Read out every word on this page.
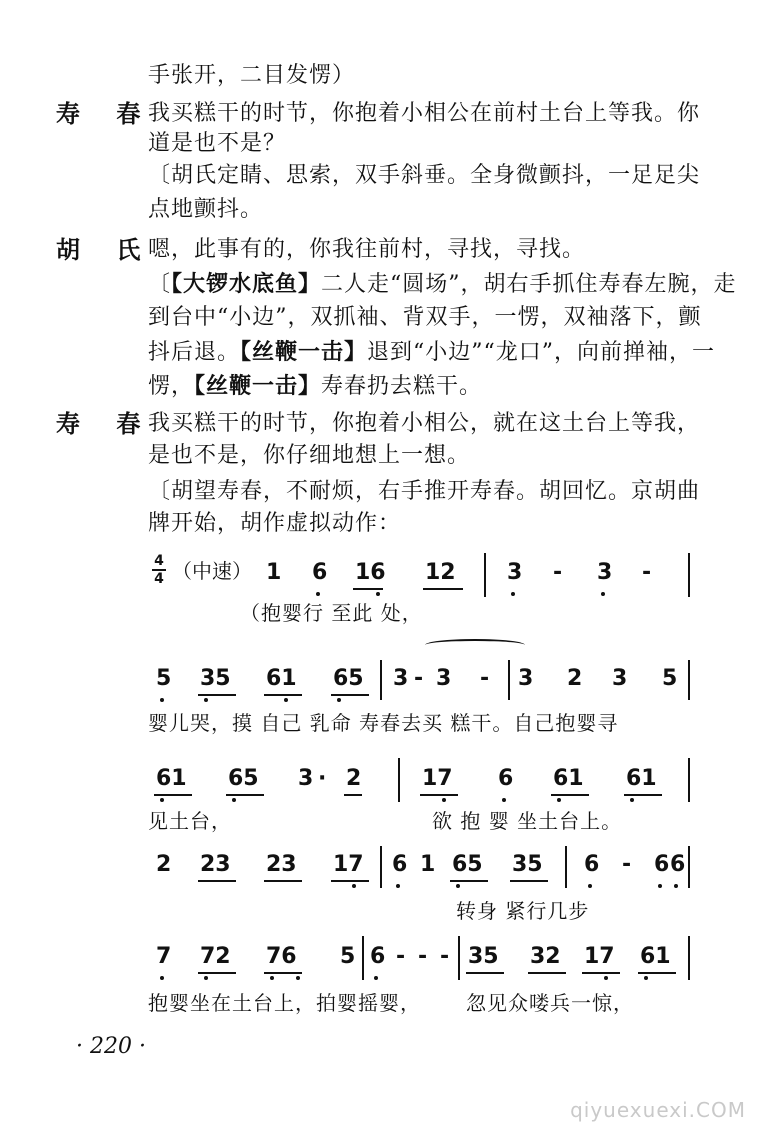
手张开，二目发愣）
寿 春
我买糕干的时节，你抱着小相公在前村土台上等我。你
道是也不是？
〔胡氏定睛、思索，双手斜垂。全身微颤抖，一足足尖
点地颤抖。
胡 氏
嗯，此事有的，你我往前村，寻找，寻找。
〔【大锣水底鱼】二人走“圆场”，胡右手抓住寿春左腕，走
到台中“小边”，双抓袖、背双手，一愣，双袖落下，颤
抖后退。【丝鞭一击】退到“小边”“龙口”，向前掸袖，一
愣，【丝鞭一击】寿春扔去糕干。
寿 春
我买糕干的时节，你抱着小相公，就在这土台上等我，
是也不是，你仔细地想上一想。
〔胡望寿春，不耐烦，右手推开寿春。胡回忆。京胡曲
牌开始，胡作虚拟动作：
4
4 （中速） 1 6 16 12 3 - 3 -
（抱婴行 至此 处，
5 35 61 65 3 - 3 - 3 2 3 5
婴儿哭，摸 自己 乳命 寿春去买 糕干。自己抱婴寻
61 65 3 · 2	17 6 61 61
见土台，	欲 抱 婴 坐土台上。
2 23 23 17 6 1 65 35 6 - 6 6
转身 紧行几步
7 72 76 5 6 - - - 35 32 17 61
抱婴坐在土台上，拍婴摇婴， 忽见众喽兵一惊，
· 220 ·
qiyuexuexi.COM
